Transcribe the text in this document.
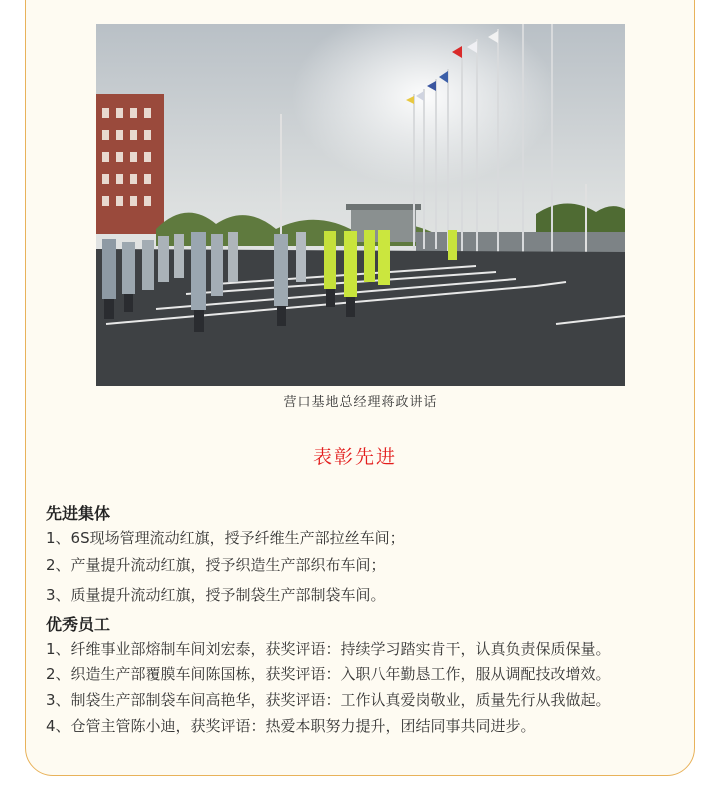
营口基地总经理蒋政讲话
表彰先进
先进集体
1、6S现场管理流动红旗，授予纤维生产部拉丝车间；
2、产量提升流动红旗，授予织造生产部织布车间；
3、质量提升流动红旗，授予制袋生产部制袋车间。
优秀员工
1、纤维事业部熔制车间刘宏泰，获奖评语：持续学习踏实肯干，认真负责保质保量。
2、织造生产部覆膜车间陈国栋，获奖评语：入职八年勤恳工作，服从调配技改增效。
3、制袋生产部制袋车间高艳华，获奖评语：工作认真爱岗敬业，质量先行从我做起。
4、仓管主管陈小迪，获奖评语：热爱本职努力提升，团结同事共同进步。
